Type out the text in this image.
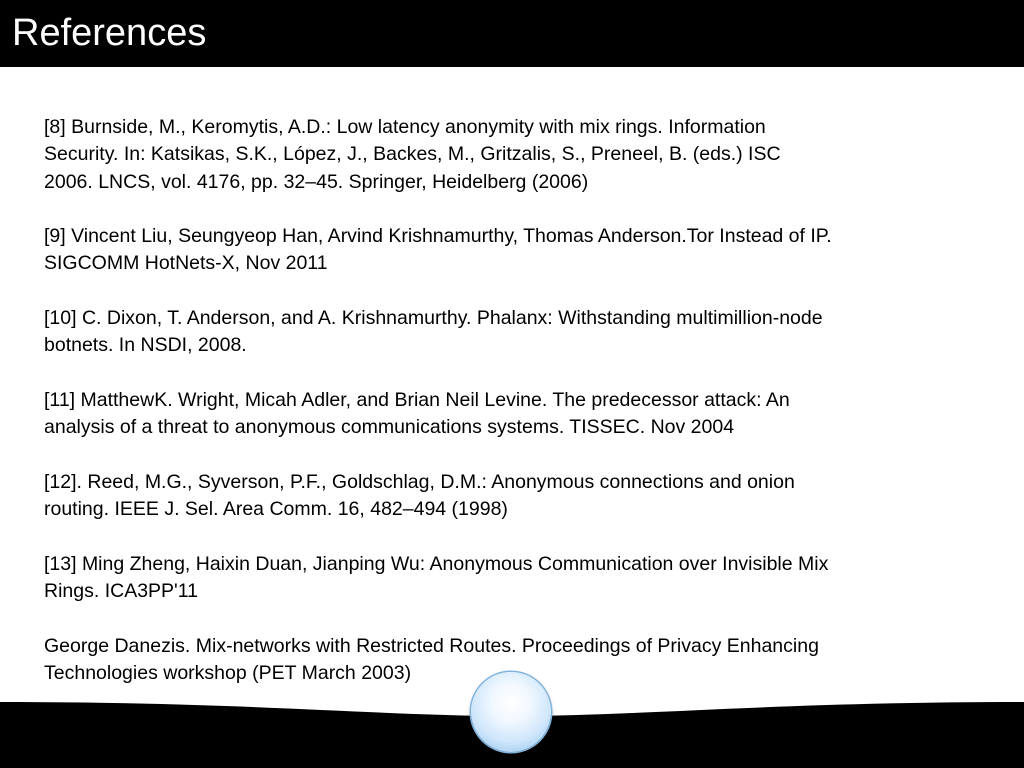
References

[8] Burnside, M., Keromytis, A.D.: Low latency anonymity with mix rings. Information
Security. In: Katsikas, S.K., López, J., Backes, M., Gritzalis, S., Preneel, B. (eds.) ISC
2006. LNCS, vol. 4176, pp. 32–45. Springer, Heidelberg (2006)

[9] Vincent Liu, Seungyeop Han, Arvind Krishnamurthy, Thomas Anderson.Tor Instead of IP.
SIGCOMM HotNets-X, Nov 2011

[10] C. Dixon, T. Anderson, and A. Krishnamurthy. Phalanx: Withstanding multimillion-node
botnets. In NSDI, 2008.

[11] MatthewK. Wright, Micah Adler, and Brian Neil Levine. The predecessor attack: An
analysis of a threat to anonymous communications systems. TISSEC. Nov 2004

[12]. Reed, M.G., Syverson, P.F., Goldschlag, D.M.: Anonymous connections and onion
routing. IEEE J. Sel. Area Comm. 16, 482–494 (1998)

[13] Ming Zheng, Haixin Duan, Jianping Wu: Anonymous Communication over Invisible Mix
Rings. ICA3PP'11

George Danezis. Mix-networks with Restricted Routes. Proceedings of Privacy Enhancing
Technologies workshop (PET March 2003)
